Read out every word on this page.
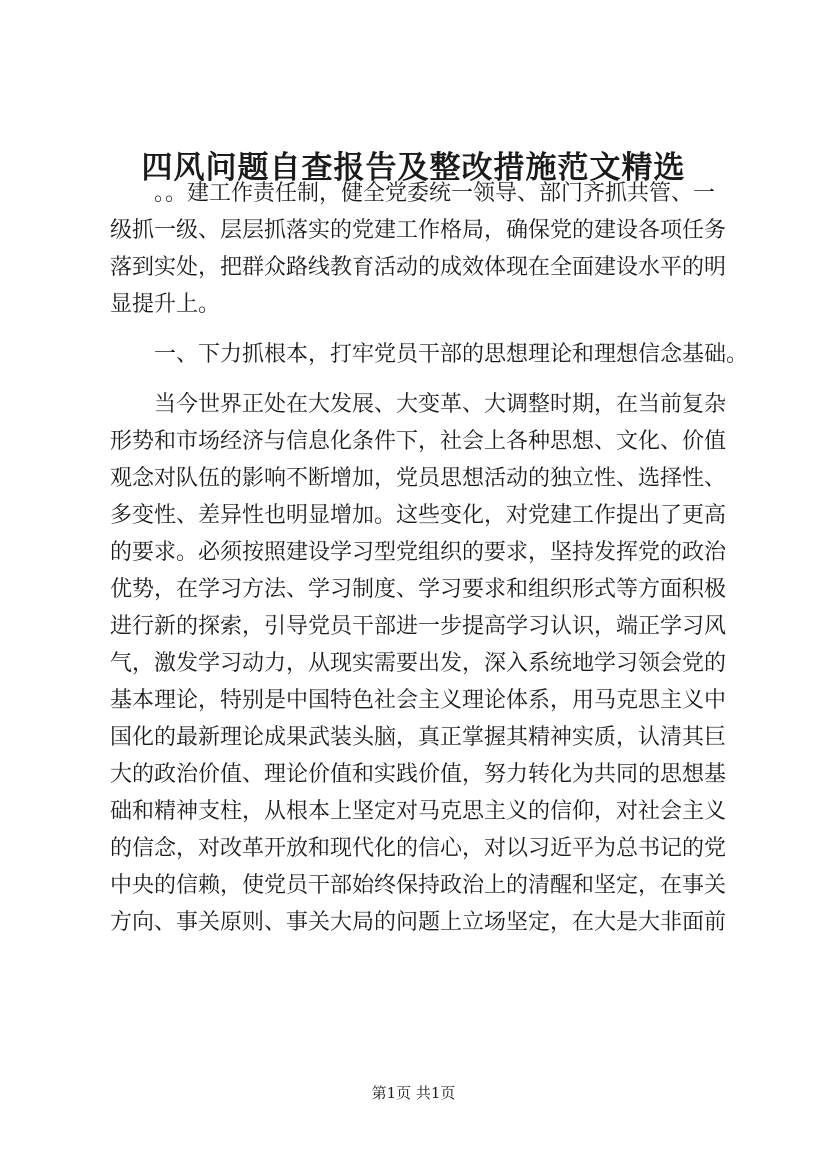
四风问题自查报告及整改措施范文精选
。。建工作责任制，健全党委统一领导、部门齐抓共管、一
级抓一级、层层抓落实的党建工作格局，确保党的建设各项任务
落到实处，把群众路线教育活动的成效体现在全面建设水平的明
显提升上。
一、下力抓根本，打牢党员干部的思想理论和理想信念基础。
当今世界正处在大发展、大变革、大调整时期，在当前复杂
形势和市场经济与信息化条件下，社会上各种思想、文化、价值
观念对队伍的影响不断增加，党员思想活动的独立性、选择性、
多变性、差异性也明显增加。这些变化，对党建工作提出了更高
的要求。必须按照建设学习型党组织的要求，坚持发挥党的政治
优势，在学习方法、学习制度、学习要求和组织形式等方面积极
进行新的探索，引导党员干部进一步提高学习认识，端正学习风
气，激发学习动力，从现实需要出发，深入系统地学习领会党的
基本理论，特别是中国特色社会主义理论体系，用马克思主义中
国化的最新理论成果武装头脑，真正掌握其精神实质，认清其巨
大的政治价值、理论价值和实践价值，努力转化为共同的思想基
础和精神支柱，从根本上坚定对马克思主义的信仰，对社会主义
的信念，对改革开放和现代化的信心，对以习近平为总书记的党
中央的信赖，使党员干部始终保持政治上的清醒和坚定，在事关
方向、事关原则、事关大局的问题上立场坚定，在大是大非面前
第1页 共1页
